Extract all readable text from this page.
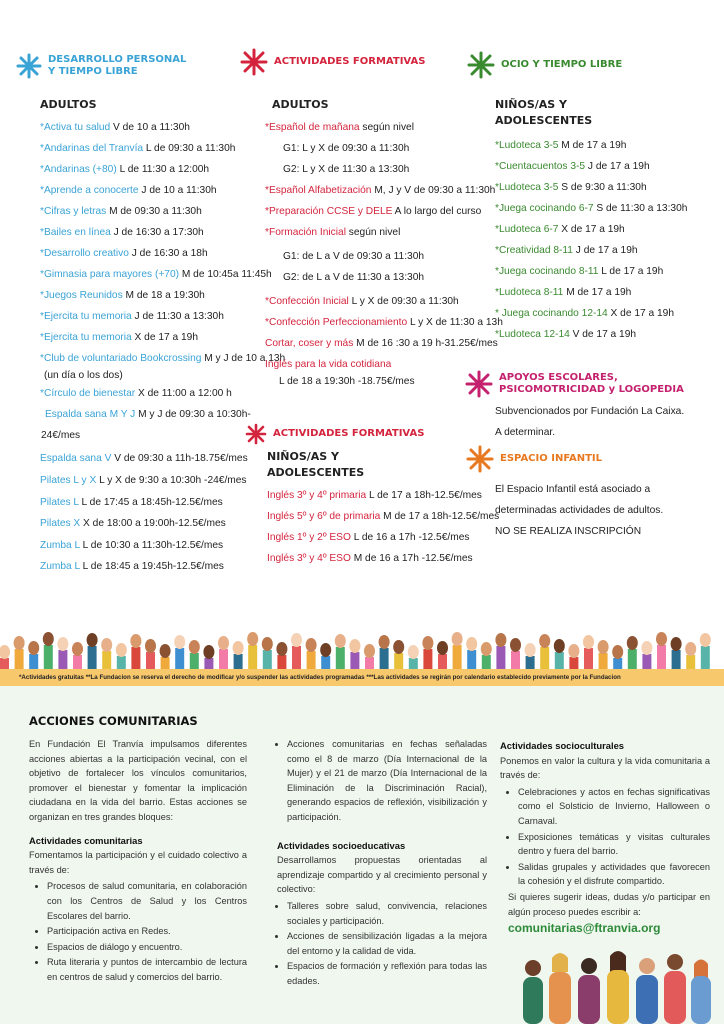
DESARROLLO PERSONAL
Y TIEMPO LIBRE
ADULTOS
*Activa tu salud V de 10 a 11:30h
*Andarinas del Tranvía L de 09:30 a 11:30h
*Andarinas (+80) L de 11:30 a 12:00h
*Aprende a conocerte J de 10 a 11:30h
*Cifras y letras M de 09:30 a 11:30h
*Bailes en línea J de 16:30 a 17:30h
*Desarrollo creativo J de 16:30 a 18h
*Gimnasia para mayores (+70) M de 10:45a 11:45h
*Juegos Reunidos M de 18 a 19:30h
*Ejercita tu memoria J de 11:30 a 13:30h
*Ejercita tu memoria X de 17 a 19h
*Club de voluntariado Bookcrossing M y J de 10 a 13h
(un día o los dos)
*Círculo de bienestar X de 11:00 a 12:00 h
Espalda sana M Y J M y J de 09:30 a 10:30h-
24€/mes
Espalda sana V V de 09:30 a 11h-18.75€/mes
Pilates L y X L y X de 9:30 a 10:30h -24€/mes
Pilates L L de 17:45 a 18:45h-12.5€/mes
Pilates X X de 18:00 a 19:00h-12.5€/mes
Zumba L L de 10:30 a 11:30h-12.5€/mes
Zumba L L de 18:45 a 19:45h-12.5€/mes
ACTIVIDADES FORMATIVAS
ADULTOS
*Español de mañana según nivel
G1: L y X de 09:30 a 11:30h
G2: L y X de 11:30 a 13:30h
*Español Alfabetización M, J y V de 09:30 a 11:30h
*Preparación CCSE y DELE A lo largo del curso
*Formación Inicial según nivel
G1: de L a V de 09:30 a 11:30h
G2: de L a V de 11:30 a 13:30h
*Confección Inicial L y X de 09:30 a 11:30h
*Confección Perfeccionamiento L y X de 11:30 a 13h
Cortar, coser y más M de 16 :30 a 19 h-31.25€/mes
Inglés para la vida cotidiana
L de 18 a 19:30h -18.75€/mes
ACTIVIDADES FORMATIVAS
NIÑOS/AS Y
ADOLESCENTES
Inglés 3º y 4º primaria L de 17 a 18h-12.5€/mes
Inglés 5º y 6º de primaria M de 17 a 18h-12.5€/mes
Inglés 1º y 2º ESO L de 16 a 17h -12.5€/mes
Inglés 3º y 4º ESO M de 16 a 17h -12.5€/mes
OCIO Y TIEMPO LIBRE
NIÑOS/AS Y
ADOLESCENTES
*Ludoteca 3-5 M de 17 a 19h
*Cuentacuentos 3-5 J de 17 a 19h
*Ludoteca 3-5 S de 9:30 a 11:30h
*Juega cocinando 6-7 S de 11:30 a 13:30h
*Ludoteca 6-7 X de 17 a 19h
*Creatividad 8-11 J de 17 a 19h
*Juega cocinando 8-11 L de 17 a 19h
*Ludoteca 8-11 M de 17 a 19h
* Juega cocinando 12-14 X de 17 a 19h
*Ludoteca 12-14 V de 17 a 19h
APOYOS ESCOLARES,
PSICOMOTRICIDAD y LOGOPEDIA
Subvencionados por Fundación La Caixa. A determinar.
ESPACIO INFANTIL
El Espacio Infantil está asociado a determinadas actividades de adultos.
NO SE REALIZA INSCRIPCIÓN
*Actividades gratuitas **La Fundacion se reserva el derecho de modificar y/o suspender las actividades programadas ***Las actividades se regirán por calendario establecido previamente por la Fundacion
ACCIONES COMUNITARIAS

En Fundación El Tranvía impulsamos diferentes acciones abiertas a la participación vecinal, con el objetivo de fortalecer los vínculos comunitarios, promover el bienestar y fomentar la implicación ciudadana en la vida del barrio. Estas acciones se organizan en tres grandes bloques:

Actividades comunitarias

Fomentamos la participación y el cuidado colectivo a través de:

• Procesos de salud comunitaria, en colaboración con los Centros de Salud y los Centros Escolares del barrio.
• Participación activa en Redes.
• Espacios de diálogo y encuentro.
• Ruta literaria y puntos de intercambio de lectura en centros de salud y comercios del barrio.
• Acciones comunitarias en fechas señaladas como el 8 de marzo (Día Internacional de la Mujer) y el 21 de marzo (Día Internacional de la Eliminación de la Discriminación Racial), generando espacios de reflexión, visibilización y participación.
Actividades socioeducativas

Desarrollamos propuestas orientadas al aprendizaje compartido y al crecimiento personal y colectivo:

• Talleres sobre salud, convivencia, relaciones sociales y participación.
• Acciones de sensibilización ligadas a la mejora del entorno y la calidad de vida.
• Espacios de formación y reflexión para todas las edades.
Actividades socioculturales

Ponemos en valor la cultura y la vida comunitaria a través de:

• Celebraciones y actos en fechas significativas como el Solsticio de Invierno, Halloween o Carnaval.
• Exposiciones temáticas y visitas culturales dentro y fuera del barrio.
• Salidas grupales y actividades que favorecen la cohesión y el disfrute compartido.

Si quieres sugerir ideas, dudas y/o participar en algún proceso puedes escribir a:

comunitarias@ftranvia.org
